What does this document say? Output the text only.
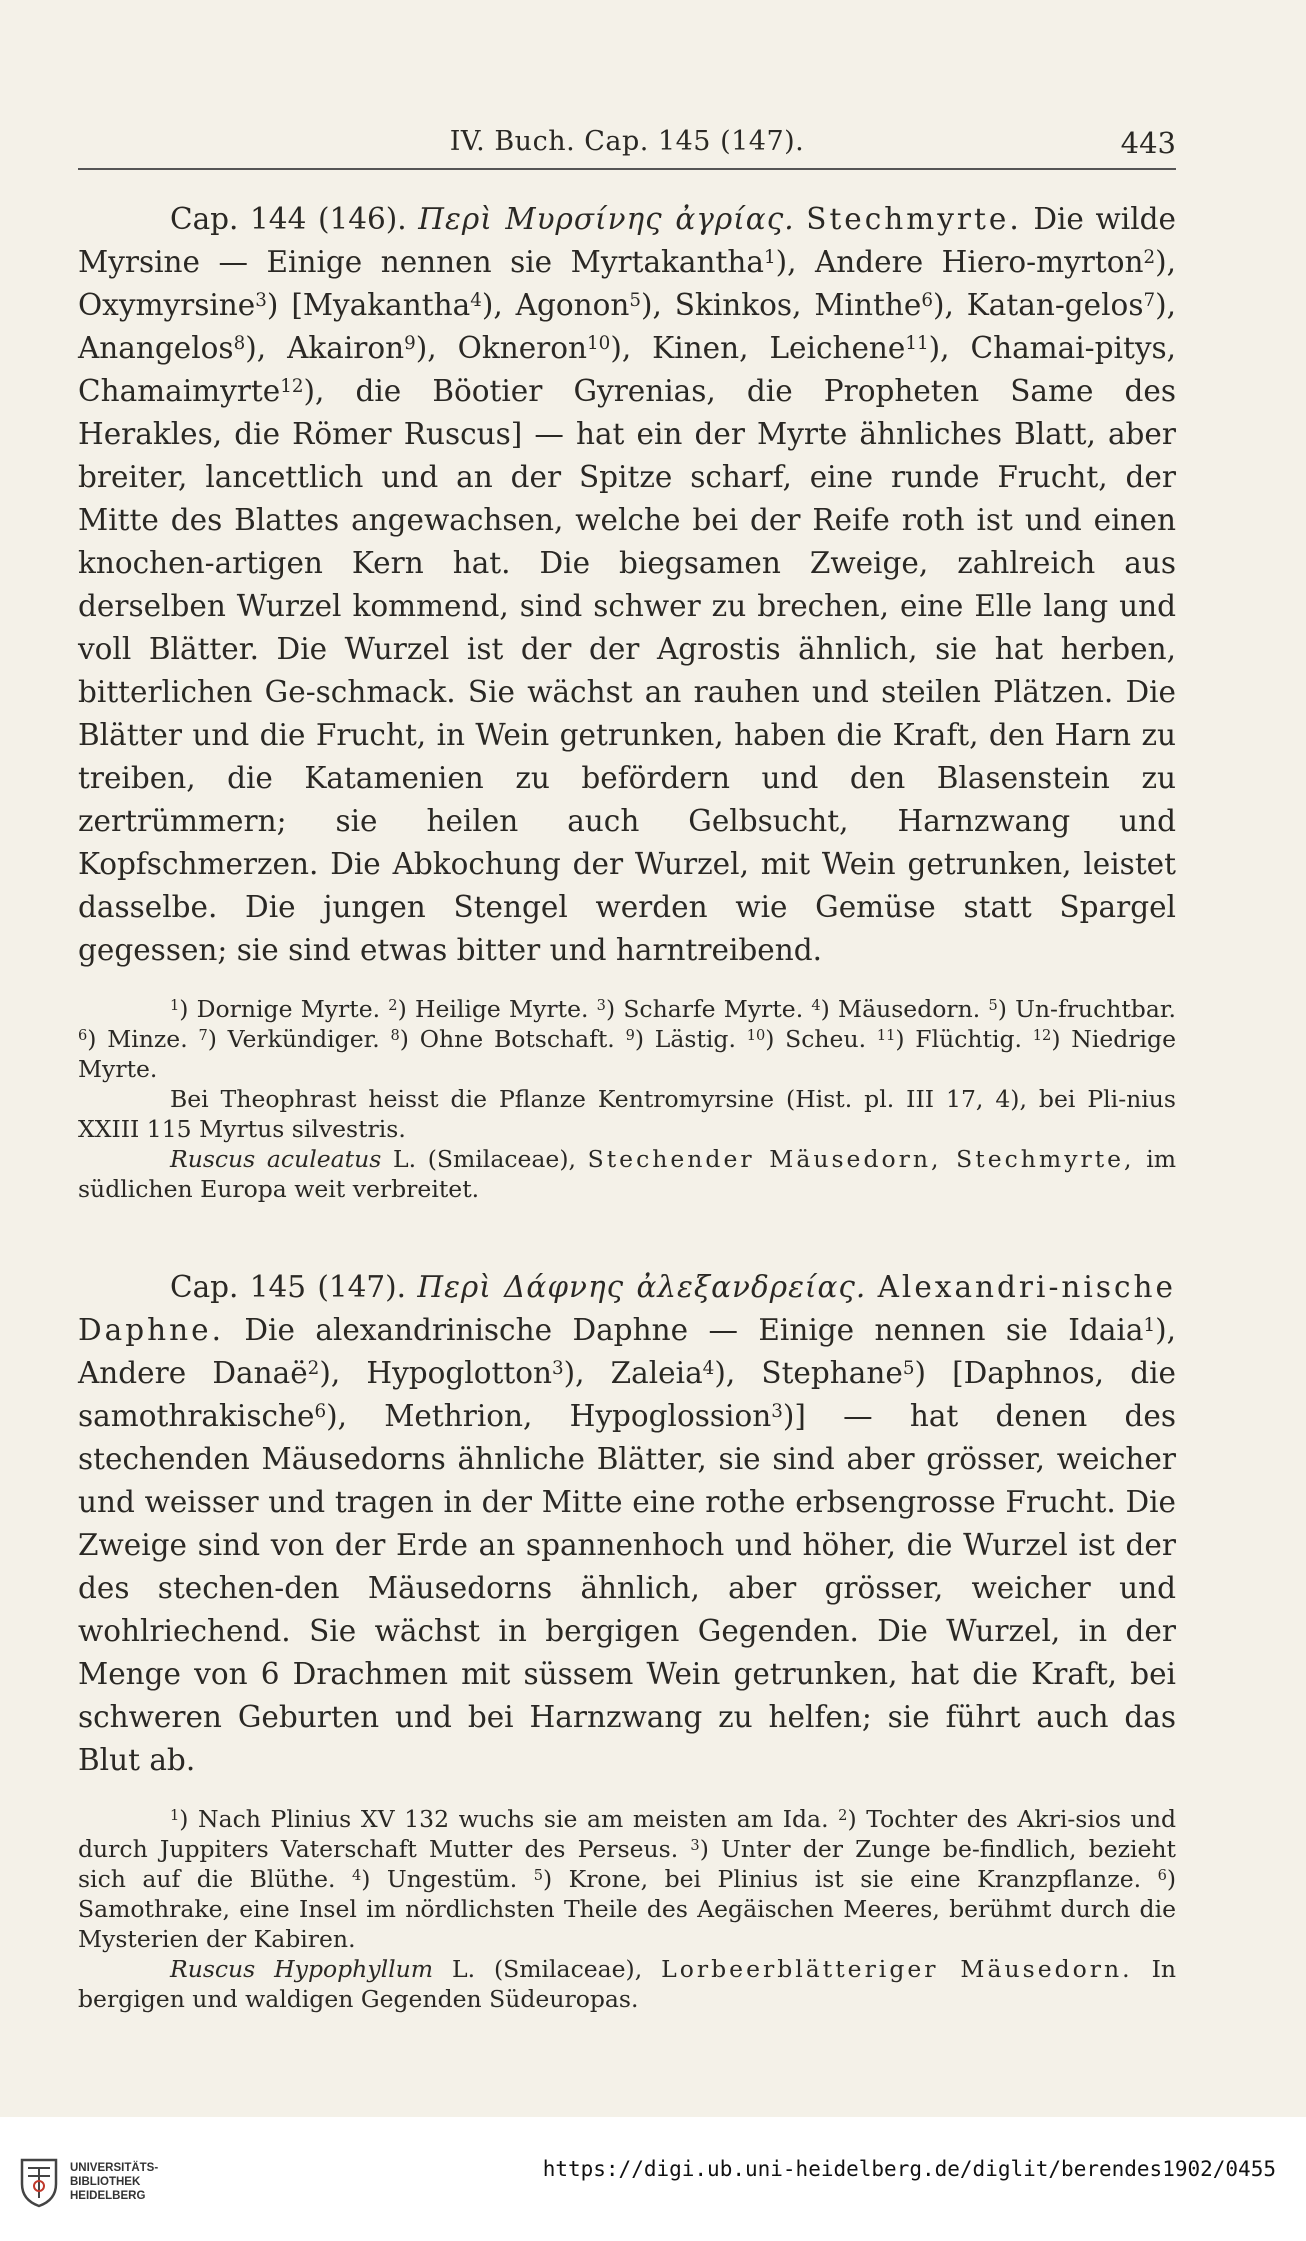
IV. Buch. Cap. 145 (147).	443

Cap. 144 (146). Περὶ Μυρσίνης ἀγρίας. Stechmyrte. Die wilde Myrsine — Einige nennen sie Myrtakantha$^1$), Andere Hiero-myrton$^2$), Oxymyrsine$^3$) [Myakantha$^4$), Agonon$^5$), Skinkos, Minthe$^6$), Katan-gelos$^7$), Anangelos$^8$), Akairon$^9$), Okneron$^{10}$), Kinen, Leichene$^{11}$), Chamai-pitys, Chamaimyrte$^{12}$), die Böotier Gyrenias, die Propheten Same des Herakles, die Römer Ruscus] — hat ein der Myrte ähnliches Blatt, aber breiter, lancettlich und an der Spitze scharf, eine runde Frucht, der Mitte des Blattes angewachsen, welche bei der Reife roth ist und einen knochen-artigen Kern hat. Die biegsamen Zweige, zahlreich aus derselben Wurzel kommend, sind schwer zu brechen, eine Elle lang und voll Blätter. Die Wurzel ist der der Agrostis ähnlich, sie hat herben, bitterlichen Ge-schmack. Sie wächst an rauhen und steilen Plätzen. Die Blätter und die Frucht, in Wein getrunken, haben die Kraft, den Harn zu treiben, die Katamenien zu befördern und den Blasenstein zu zertrümmern; sie heilen auch Gelbsucht, Harnzwang und Kopfschmerzen. Die Abkochung der Wurzel, mit Wein getrunken, leistet dasselbe. Die jungen Stengel werden wie Gemüse statt Spargel gegessen; sie sind etwas bitter und harntreibend.

$^1$) Dornige Myrte. $^2$) Heilige Myrte. $^3$) Scharfe Myrte. $^4$) Mäusedorn. $^5$) Un-fruchtbar. $^6$) Minze. $^7$) Verkündiger. $^8$) Ohne Botschaft. $^9$) Lästig. $^{10}$) Scheu. $^{11}$) Flüchtig. $^{12}$) Niedrige Myrte.

Bei Theophrast heisst die Pflanze Kentromyrsine (Hist. pl. III 17, 4), bei Pli-nius XXIII 115 Myrtus silvestris.

Ruscus aculeatus L. (Smilaceae), Stechender Mäusedorn, Stechmyrte, im südlichen Europa weit verbreitet.

Cap. 145 (147). Περὶ Δάφνης ἀλεξανδρείας. Alexandri-nische Daphne. Die alexandrinische Daphne — Einige nennen sie Idaia$^1$), Andere Danaë$^2$), Hypoglotton$^3$), Zaleia$^4$), Stephane$^5$) [Daphnos, die samothrakische$^6$), Methrion, Hypoglossion$^3$)] — hat denen des stechenden Mäusedorns ähnliche Blätter, sie sind aber grösser, weicher und weisser und tragen in der Mitte eine rothe erbsengrosse Frucht. Die Zweige sind von der Erde an spannenhoch und höher, die Wurzel ist der des stechen-den Mäusedorns ähnlich, aber grösser, weicher und wohlriechend. Sie wächst in bergigen Gegenden. Die Wurzel, in der Menge von 6 Drachmen mit süssem Wein getrunken, hat die Kraft, bei schweren Geburten und bei Harnzwang zu helfen; sie führt auch das Blut ab.

$^1$) Nach Plinius XV 132 wuchs sie am meisten am Ida. $^2$) Tochter des Akri-sios und durch Juppiters Vaterschaft Mutter des Perseus. $^3$) Unter der Zunge be-findlich, bezieht sich auf die Blüthe. $^4$) Ungestüm. $^5$) Krone, bei Plinius ist sie eine Kranzpflanze. $^6$) Samothrake, eine Insel im nördlichsten Theile des Aegäischen Meeres, berühmt durch die Mysterien der Kabiren.

Ruscus Hypophyllum L. (Smilaceae), Lorbeerblätteriger Mäusedorn. In bergigen und waldigen Gegenden Südeuropas.

UNIVERSITÄTS-
BIBLIOTHEK
HEIDELBERG
https://digi.ub.uni-heidelberg.de/diglit/berendes1902/0455
